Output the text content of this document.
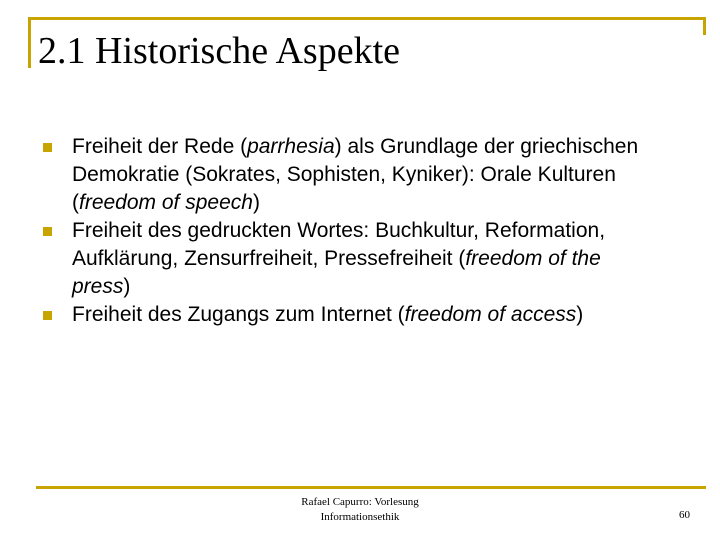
2.1 Historische Aspekte
Freiheit der Rede (parrhesia) als Grundlage der griechischen Demokratie (Sokrates, Sophisten, Kyniker): Orale Kulturen (freedom of speech)
Freiheit des gedruckten Wortes: Buchkultur, Reformation, Aufklärung, Zensurfreiheit, Pressefreiheit (freedom of the press)
Freiheit des Zugangs zum Internet (freedom of access)
Rafael Capurro: Vorlesung
Informationsethik	60
